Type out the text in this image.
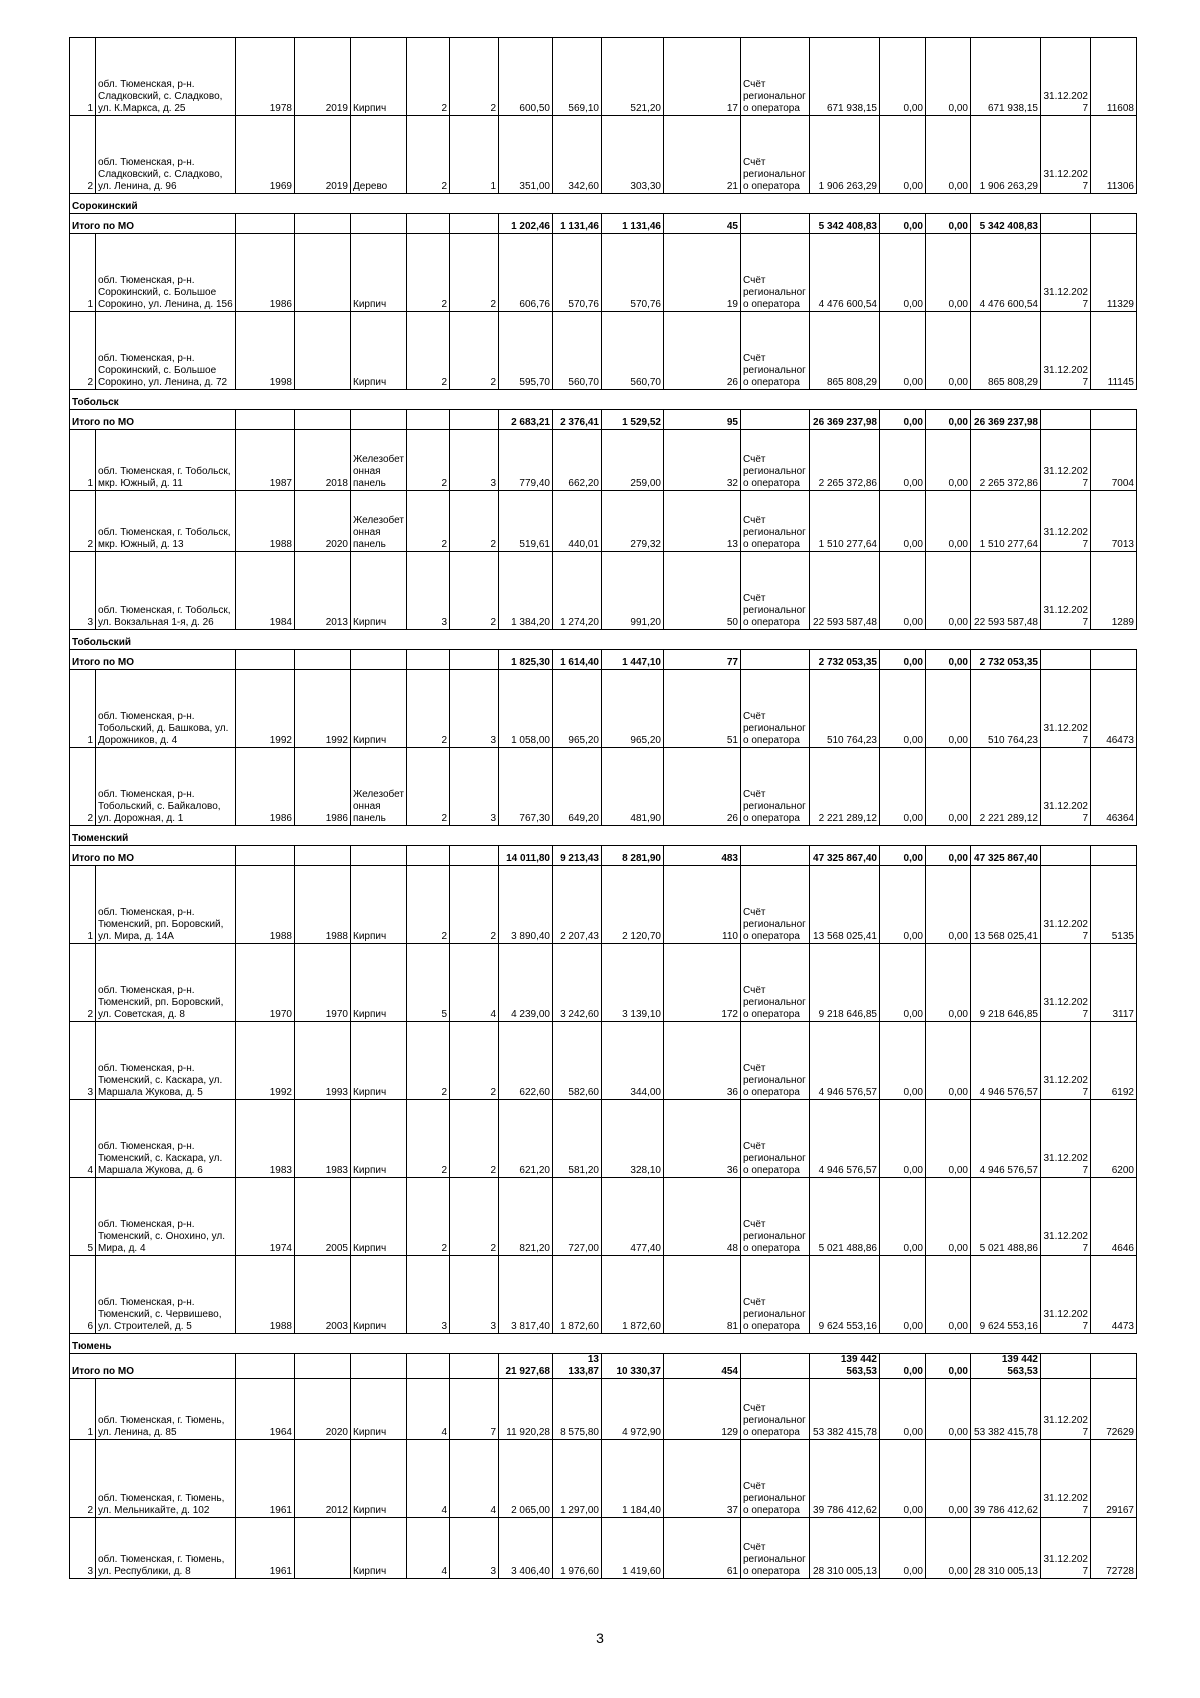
1	обл. Тюменская, р-н. Сладковский, с. Сладково, ул. К.Маркса, д. 25	1978	2019	Кирпич	2	2	600,50	569,10	521,20	17	Счёт регионального оператора	671 938,15	0,00	0,00	671 938,15	31.12.2027	11608
2	обл. Тюменская, р-н. Сладковский, с. Сладково, ул. Ленина, д. 96	1969	2019	Дерево	2	1	351,00	342,60	303,30	21	Счёт регионального оператора	1 906 263,29	0,00	0,00	1 906 263,29	31.12.2027	11306
Сорокинский																	
Итого по МО							1 202,46	1 131,46	1 131,46	45		5 342 408,83	0,00	0,00	5 342 408,83		
1	обл. Тюменская, р-н. Сорокинский, с. Большое Сорокино, ул. Ленина, д. 156	1986		Кирпич	2	2	606,76	570,76	570,76	19	Счёт регионального оператора	4 476 600,54	0,00	0,00	4 476 600,54	31.12.2027	11329
2	обл. Тюменская, р-н. Сорокинский, с. Большое Сорокино, ул. Ленина, д. 72	1998		Кирпич	2	2	595,70	560,70	560,70	26	Счёт регионального оператора	865 808,29	0,00	0,00	865 808,29	31.12.2027	11145
Тобольск																	
Итого по МО							2 683,21	2 376,41	1 529,52	95		26 369 237,98	0,00	0,00	26 369 237,98		
1	обл. Тюменская, г. Тобольск, мкр. Южный, д. 11	1987	2018	Железобетонная панель	2	3	779,40	662,20	259,00	32	Счёт регионального оператора	2 265 372,86	0,00	0,00	2 265 372,86	31.12.2027	7004
2	обл. Тюменская, г. Тобольск, мкр. Южный, д. 13	1988	2020	Железобетонная панель	2	2	519,61	440,01	279,32	13	Счёт регионального оператора	1 510 277,64	0,00	0,00	1 510 277,64	31.12.2027	7013
3	обл. Тюменская, г. Тобольск, ул. Вокзальная 1-я, д. 26	1984	2013	Кирпич	3	2	1 384,20	1 274,20	991,20	50	Счёт регионального оператора	22 593 587,48	0,00	0,00	22 593 587,48	31.12.2027	1289
Тобольский																	
Итого по МО							1 825,30	1 614,40	1 447,10	77		2 732 053,35	0,00	0,00	2 732 053,35		
1	обл. Тюменская, р-н. Тобольский, д. Башкова, ул. Дорожников, д. 4	1992	1992	Кирпич	2	3	1 058,00	965,20	965,20	51	Счёт регионального оператора	510 764,23	0,00	0,00	510 764,23	31.12.2027	46473
2	обл. Тюменская, р-н. Тобольский, с. Байкалово, ул. Дорожная, д. 1	1986	1986	Железобетонная панель	2	3	767,30	649,20	481,90	26	Счёт регионального оператора	2 221 289,12	0,00	0,00	2 221 289,12	31.12.2027	46364
Тюменский																	
Итого по МО							14 011,80	9 213,43	8 281,90	483		47 325 867,40	0,00	0,00	47 325 867,40		
1	обл. Тюменская, р-н. Тюменский, рп. Боровский, ул. Мира, д. 14А	1988	1988	Кирпич	2	2	3 890,40	2 207,43	2 120,70	110	Счёт регионального оператора	13 568 025,41	0,00	0,00	13 568 025,41	31.12.2027	5135
2	обл. Тюменская, р-н. Тюменский, рп. Боровский, ул. Советская, д. 8	1970	1970	Кирпич	5	4	4 239,00	3 242,60	3 139,10	172	Счёт регионального оператора	9 218 646,85	0,00	0,00	9 218 646,85	31.12.2027	3117
3	обл. Тюменская, р-н. Тюменский, с. Каскара, ул. Маршала Жукова, д. 5	1992	1993	Кирпич	2	2	622,60	582,60	344,00	36	Счёт регионального оператора	4 946 576,57	0,00	0,00	4 946 576,57	31.12.2027	6192
4	обл. Тюменская, р-н. Тюменский, с. Каскара, ул. Маршала Жукова, д. 6	1983	1983	Кирпич	2	2	621,20	581,20	328,10	36	Счёт регионального оператора	4 946 576,57	0,00	0,00	4 946 576,57	31.12.2027	6200
5	обл. Тюменская, р-н. Тюменский, с. Онохино, ул. Мира, д. 4	1974	2005	Кирпич	2	2	821,20	727,00	477,40	48	Счёт регионального оператора	5 021 488,86	0,00	0,00	5 021 488,86	31.12.2027	4646
6	обл. Тюменская, р-н. Тюменский, с. Червишево, ул. Строителей, д. 5	1988	2003	Кирпич	3	3	3 817,40	1 872,60	1 872,60	81	Счёт регионального оператора	9 624 553,16	0,00	0,00	9 624 553,16	31.12.2027	4473
Тюмень																	
Итого по МО							21 927,68	13 133,87	10 330,37	454		139 442 563,53	0,00	0,00	139 442 563,53		
1	обл. Тюменская, г. Тюмень, ул. Ленина, д. 85	1964	2020	Кирпич	4	7	11 920,28	8 575,80	4 972,90	129	Счёт регионального оператора	53 382 415,78	0,00	0,00	53 382 415,78	31.12.2027	72629
2	обл. Тюменская, г. Тюмень, ул. Мельникайте, д. 102	1961	2012	Кирпич	4	4	2 065,00	1 297,00	1 184,40	37	Счёт регионального оператора	39 786 412,62	0,00	0,00	39 786 412,62	31.12.2027	29167
3	обл. Тюменская, г. Тюмень, ул. Республики, д. 8	1961		Кирпич	4	3	3 406,40	1 976,60	1 419,60	61	Счёт регионального оператора	28 310 005,13	0,00	0,00	28 310 005,13	31.12.2027	72728
3
